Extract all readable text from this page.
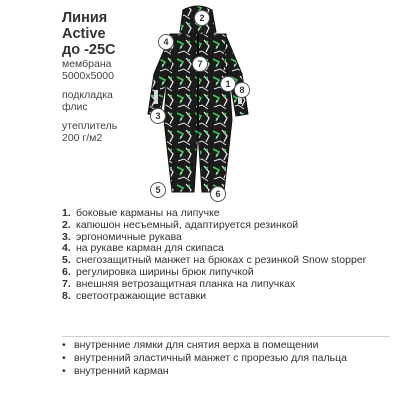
Линия
Active
до -25С
мембрана
5000х5000
подкладка
флис
утеплитель
200 г/м2
2
4
7
1
8
3
5	6
1. боковые карманы на липучке
2. капюшон несъемный, адаптируется резинкой
3. эргономичные рукава
4. на рукаве карман для скипаса
5. снегозащитный манжет на брюках с резинкой Snow stopper
6. регулировка ширины брюк липучкой
7. внешняя ветрозащитная планка на липучках
8. светоотражающие вставки
• внутренние лямки для снятия верха в помещении
• внутренний эластичный манжет с прорезью для пальца
• внутренний карман
